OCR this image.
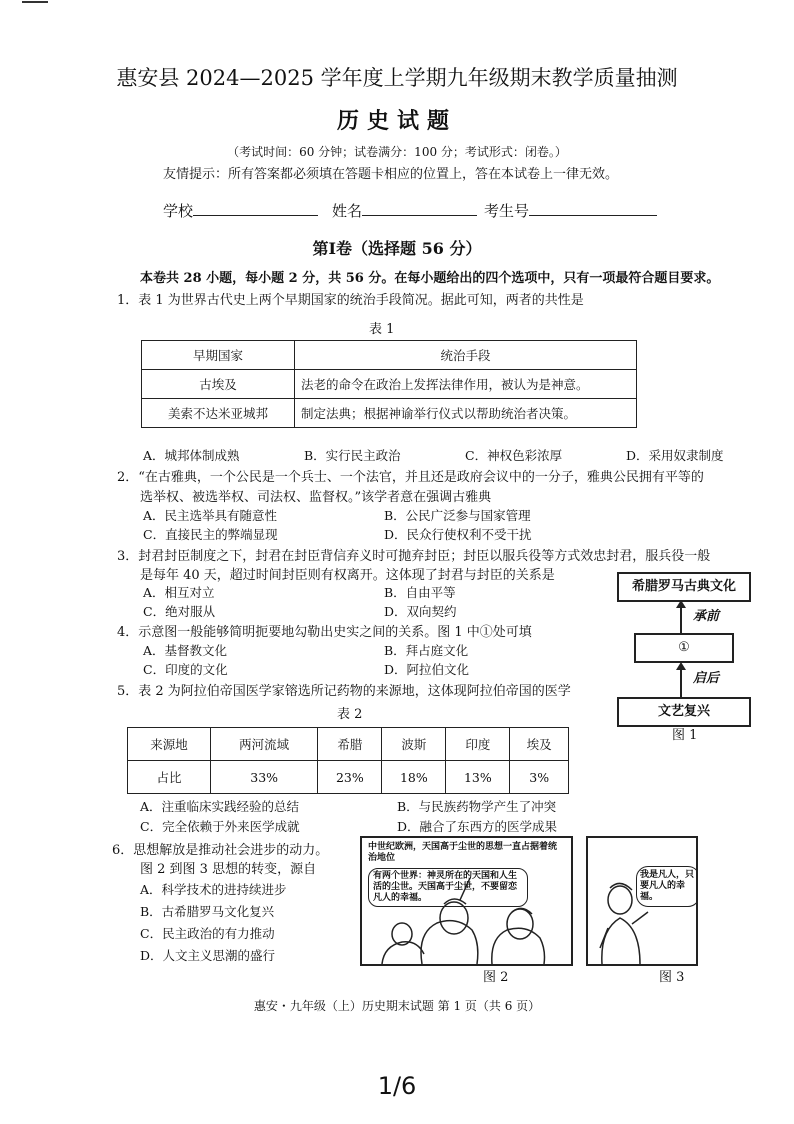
惠安县 2024—2025 学年度上学期九年级期末教学质量抽测
历史试题
（考试时间：60 分钟；试卷满分：100 分；考试形式：闭卷。）
友情提示：所有答案都必须填在答题卡相应的位置上，答在本试卷上一律无效。
学校	姓名	考生号
第Ⅰ卷（选择题 56 分）
本卷共 28 小题，每小题 2 分，共 56 分。在每小题给出的四个选项中，只有一项最符合题目要求。
1．表 1 为世界古代史上两个早期国家的统治手段简况。据此可知，两者的共性是
表 1
早期国家	统治手段
古埃及	法老的命令在政治上发挥法律作用，被认为是神意。
美索不达米亚城邦	制定法典；根据神谕举行仪式以帮助统治者决策。
A．城邦体制成熟	B．实行民主政治	C．神权色彩浓厚	D．采用奴隶制度
2．“在古雅典，一个公民是一个兵士、一个法官，并且还是政府会议中的一分子，雅典公民拥有平等的
选举权、被选举权、司法权、监督权。”该学者意在强调古雅典
A．民主选举具有随意性	B．公民广泛参与国家管理
C．直接民主的弊端显现	D．民众行使权利不受干扰
3．封君封臣制度之下，封君在封臣背信弃义时可抛弃封臣；封臣以服兵役等方式效忠封君，服兵役一般
是每年 40 天，超过时间封臣则有权离开。这体现了封君与封臣的关系是
A．相互对立	B．自由平等
C．绝对服从	D．双向契约
4．示意图一般能够简明扼要地勾勒出史实之间的关系。图 1 中①处可填
A．基督教文化	B．拜占庭文化
C．印度的文化	D．阿拉伯文化
希腊罗马古典文化
承前
①
启后
文艺复兴
图 1
5．表 2 为阿拉伯帝国医学家镕选所记药物的来源地，这体现阿拉伯帝国的医学
表 2
来源地	两河流域	希腊	波斯	印度	埃及
占比	33%	23%	18%	13%	3%
A．注重临床实践经验的总结	B．与民族药物学产生了冲突
C．完全依赖于外来医学成就	D．融合了东西方的医学成果
6．思想解放是推动社会进步的动力。
图 2 到图 3 思想的转变，源自
A．科学技术的进持续进步
B．古希腊罗马文化复兴
C．民主政治的有力推动
D．人文主义思潮的盛行
中世纪欧洲，天国高于尘世的思想一直占据着统治地位
有两个世界：神灵所在的天国和人生活的尘世。天国高于尘世，不要留恋凡人的幸福。
图 2
我是凡人，只要凡人的幸福。
图 3
惠安・九年级（上）历史期末试题 第 1 页（共 6 页）
1/6
